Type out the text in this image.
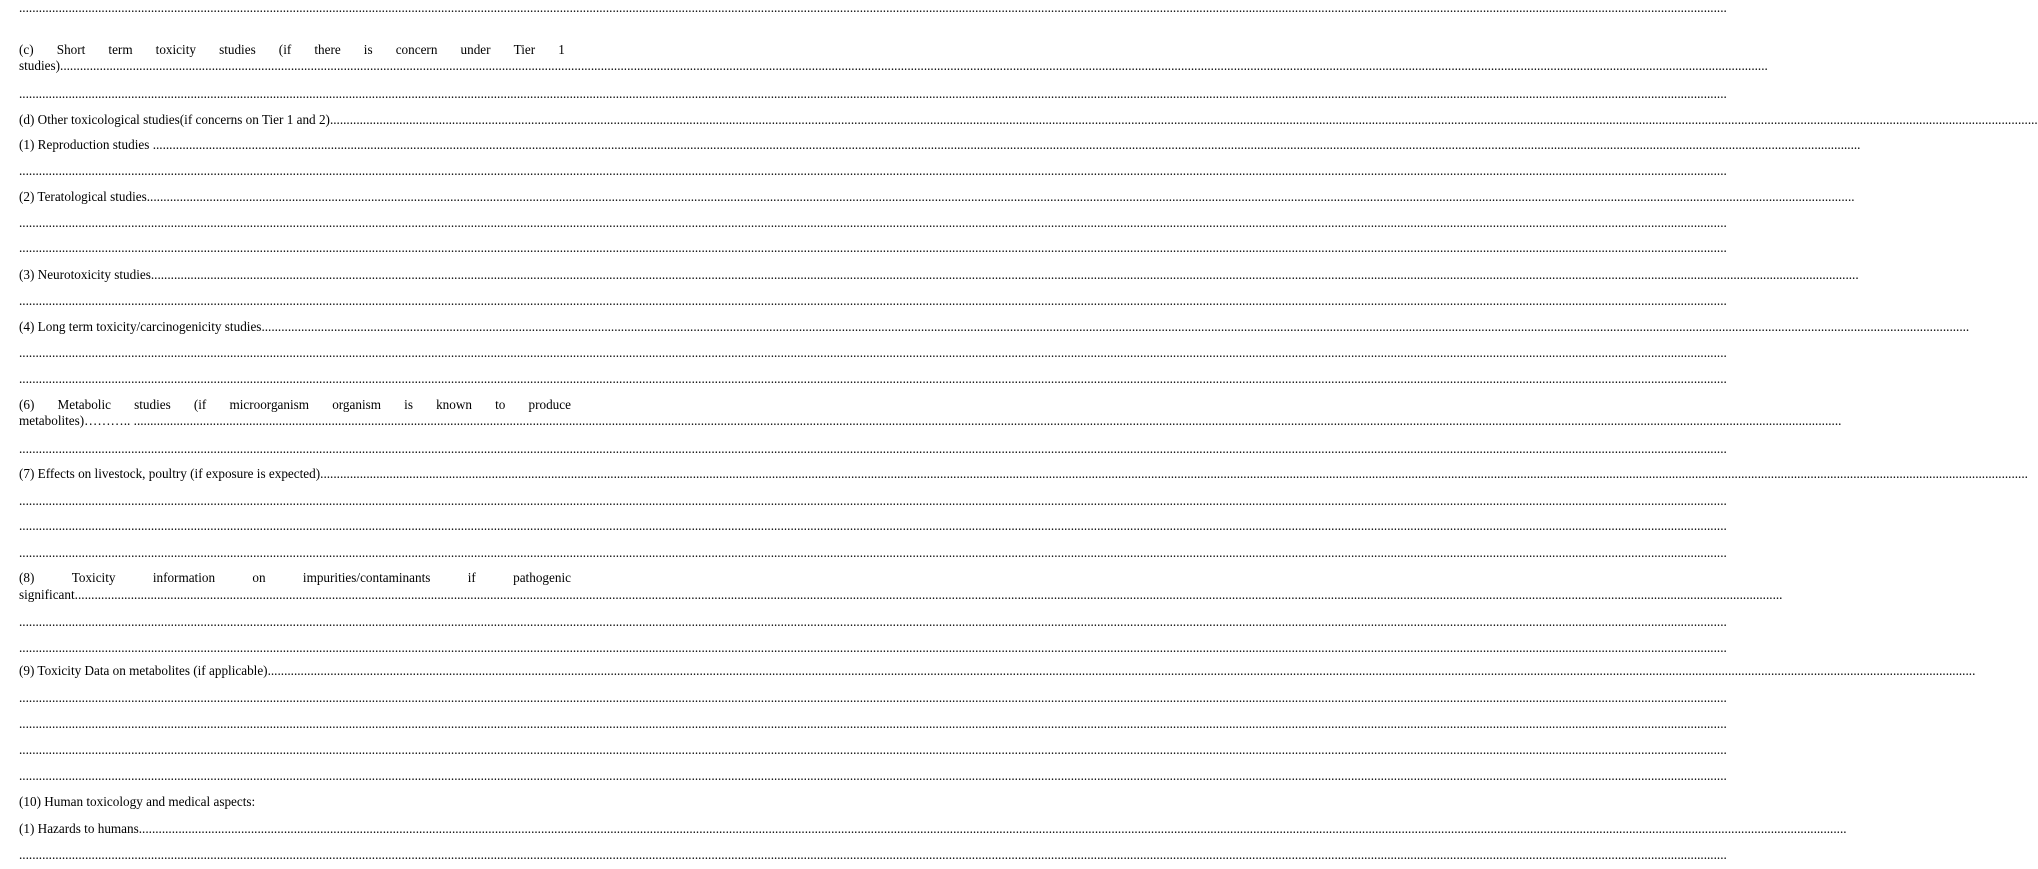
......................................................................................................................................................................................................................................................................................................................................................................................................................................................................................................................................
(c) Short term toxicity studies (if there is concern under Tier 1
studies)......................................................................................................................................................................................................................................................................................................................................................................................................................................................................................................................................
......................................................................................................................................................................................................................................................................................................................................................................................................................................................................................................................................
(d) Other toxicological studies(if concerns on Tier 1 and 2)......................................................................................................................................................................................................................................................................................................................................................................................................................................................................................................................................
(1) Reproduction studies ......................................................................................................................................................................................................................................................................................................................................................................................................................................................................................................................................
......................................................................................................................................................................................................................................................................................................................................................................................................................................................................................................................................
(2) Teratological studies......................................................................................................................................................................................................................................................................................................................................................................................................................................................................................................................................
......................................................................................................................................................................................................................................................................................................................................................................................................................................................................................................................................
......................................................................................................................................................................................................................................................................................................................................................................................................................................................................................................................................
(3) Neurotoxicity studies......................................................................................................................................................................................................................................................................................................................................................................................................................................................................................................................................
......................................................................................................................................................................................................................................................................................................................................................................................................................................................................................................................................
(4) Long term toxicity/carcinogenicity studies......................................................................................................................................................................................................................................................................................................................................................................................................................................................................................................................................
......................................................................................................................................................................................................................................................................................................................................................................................................................................................................................................................................
......................................................................................................................................................................................................................................................................................................................................................................................................................................................................................................................................
(6) Metabolic studies (if microorganism organism is known to produce
metabolites)……….. ......................................................................................................................................................................................................................................................................................................................................................................................................................................................................................................................................
......................................................................................................................................................................................................................................................................................................................................................................................................................................................................................................................................
(7) Effects on livestock, poultry (if exposure is expected)......................................................................................................................................................................................................................................................................................................................................................................................................................................................................................................................................
......................................................................................................................................................................................................................................................................................................................................................................................................................................................................................................................................
......................................................................................................................................................................................................................................................................................................................................................................................................................................................................................................................................
......................................................................................................................................................................................................................................................................................................................................................................................................................................................................................................................................
(8)	Toxicity	information	on	impurities/contaminants	if	pathogenic
significant......................................................................................................................................................................................................................................................................................................................................................................................................................................................................................................................................
......................................................................................................................................................................................................................................................................................................................................................................................................................................................................................................................................
......................................................................................................................................................................................................................................................................................................................................................................................................................................................................................................................................
(9) Toxicity Data on metabolites (if applicable)......................................................................................................................................................................................................................................................................................................................................................................................................................................................................................................................................
......................................................................................................................................................................................................................................................................................................................................................................................................................................................................................................................................
......................................................................................................................................................................................................................................................................................................................................................................................................................................................................................................................................
......................................................................................................................................................................................................................................................................................................................................................................................................................................................................................................................................
......................................................................................................................................................................................................................................................................................................................................................................................................................................................................................................................................
(10) Human toxicology and medical aspects:
(1) Hazards to humans......................................................................................................................................................................................................................................................................................................................................................................................................................................................................................................................................
......................................................................................................................................................................................................................................................................................................................................................................................................................................................................................................................................
